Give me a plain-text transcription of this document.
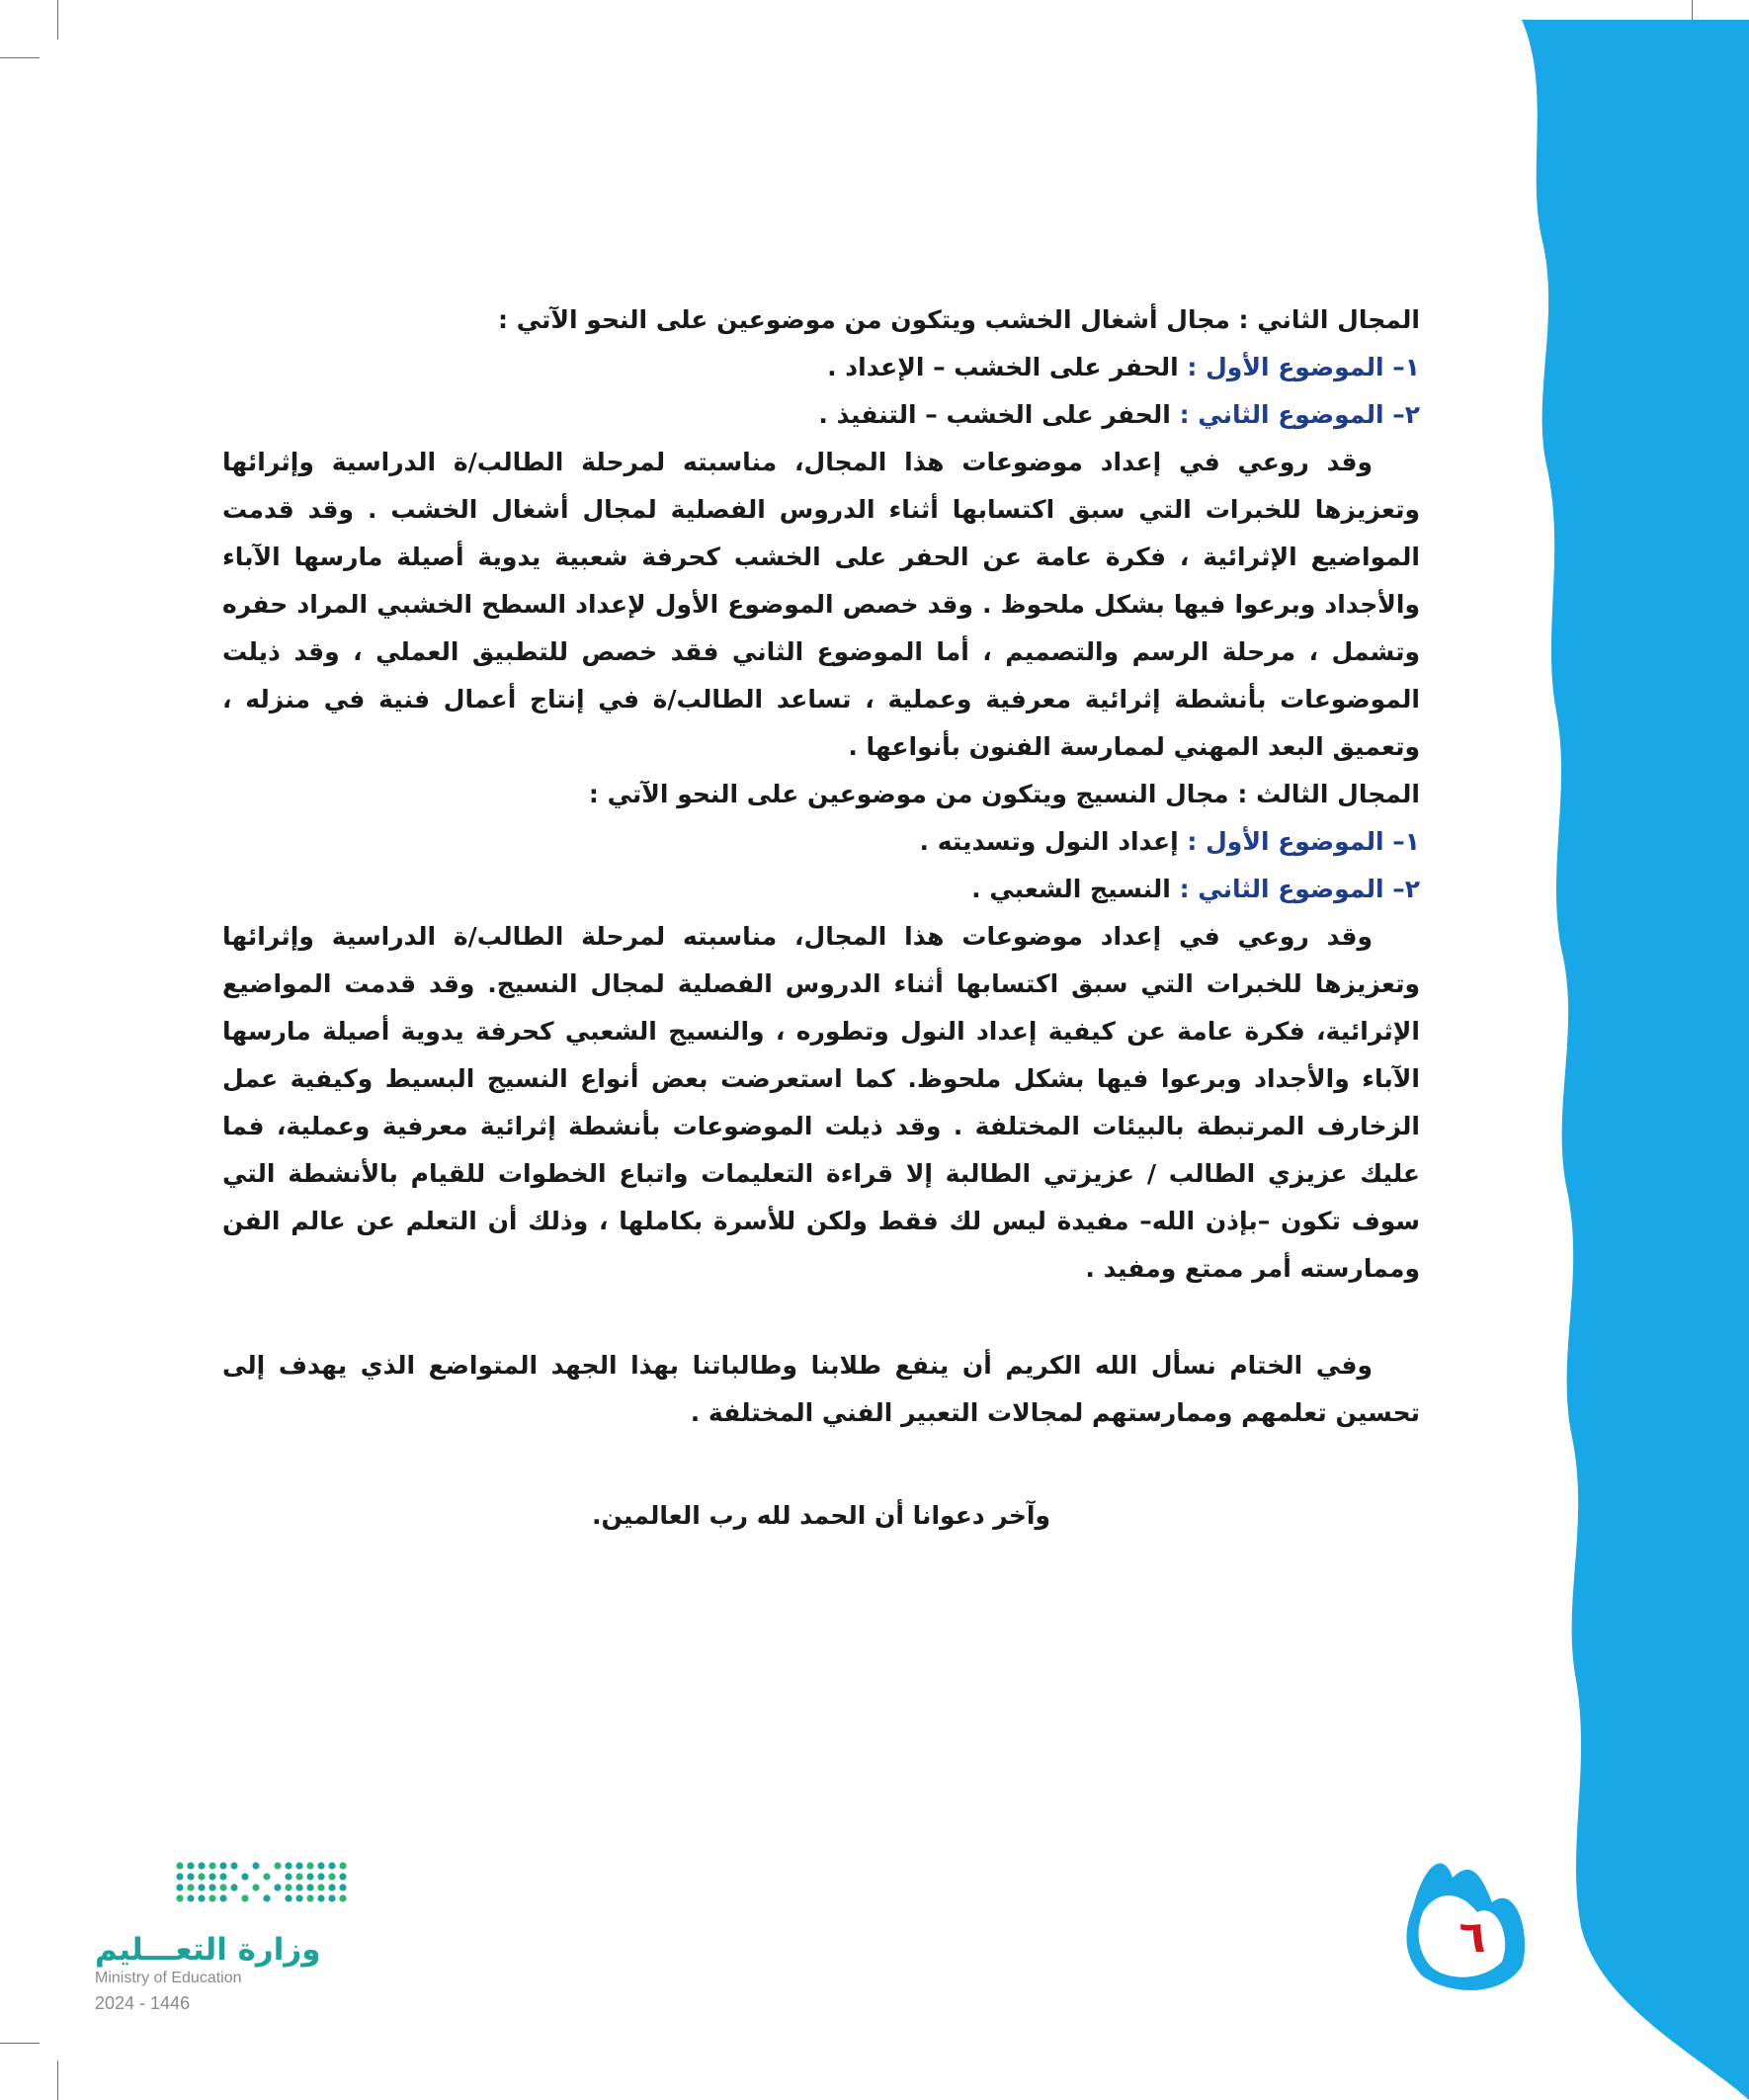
المجال الثاني : مجال أشغال الخشب ويتكون من موضوعين على النحو الآتي :

١– الموضوع الأول : الحفر على الخشب – الإعداد .

٢– الموضوع الثاني : الحفر على الخشب – التنفيذ .

وقد روعي في إعداد موضوعات هذا المجال، مناسبته لمرحلة الطالب/ة الدراسية وإثرائها وتعزيزها للخبرات التي سبق اكتسابها أثناء الدروس الفصلية لمجال أشغال الخشب . وقد قدمت المواضيع الإثرائية ، فكرة عامة عن الحفر على الخشب كحرفة شعبية يدوية أصيلة مارسها الآباء والأجداد وبرعوا فيها بشكل ملحوظ . وقد خصص الموضوع الأول لإعداد السطح الخشبي المراد حفره وتشمل ، مرحلة الرسم والتصميم ، أما الموضوع الثاني فقد خصص للتطبيق العملي ، وقد ذيلت الموضوعات بأنشطة إثرائية معرفية وعملية ، تساعد الطالب/ة في إنتاج أعمال فنية في منزله ، وتعميق البعد المهني لممارسة الفنون بأنواعها .

المجال الثالث : مجال النسيج ويتكون من موضوعين على النحو الآتي :

١– الموضوع الأول : إعداد النول وتسديته .

٢– الموضوع الثاني : النسيج الشعبي .

وقد روعي في إعداد موضوعات هذا المجال، مناسبته لمرحلة الطالب/ة الدراسية وإثرائها وتعزيزها للخبرات التي سبق اكتسابها أثناء الدروس الفصلية لمجال النسيج. وقد قدمت المواضيع الإثرائية، فكرة عامة عن كيفية إعداد النول وتطوره ، والنسيج الشعبي كحرفة يدوية أصيلة مارسها الآباء والأجداد وبرعوا فيها بشكل ملحوظ. كما استعرضت بعض أنواع النسيج البسيط وكيفية عمل الزخارف المرتبطة بالبيئات المختلفة . وقد ذيلت الموضوعات بأنشطة إثرائية معرفية وعملية، فما عليك عزيزي الطالب / عزيزتي الطالبة إلا قراءة التعليمات واتباع الخطوات للقيام بالأنشطة التي سوف تكون –بإذن الله– مفيدة ليس لك فقط ولكن للأسرة بكاملها ، وذلك أن التعلم عن عالم الفن وممارسته أمر ممتع ومفيد .

وفي الختام نسأل الله الكريم أن ينفع طلابنا وطالباتنا بهذا الجهد المتواضع الذي يهدف إلى تحسين تعلمهم وممارستهم لمجالات التعبير الفني المختلفة .

وآخر دعوانا أن الحمد لله رب العالمين.

٦
وزارة التعـــليم
Ministry of Education
2024 - 1446
